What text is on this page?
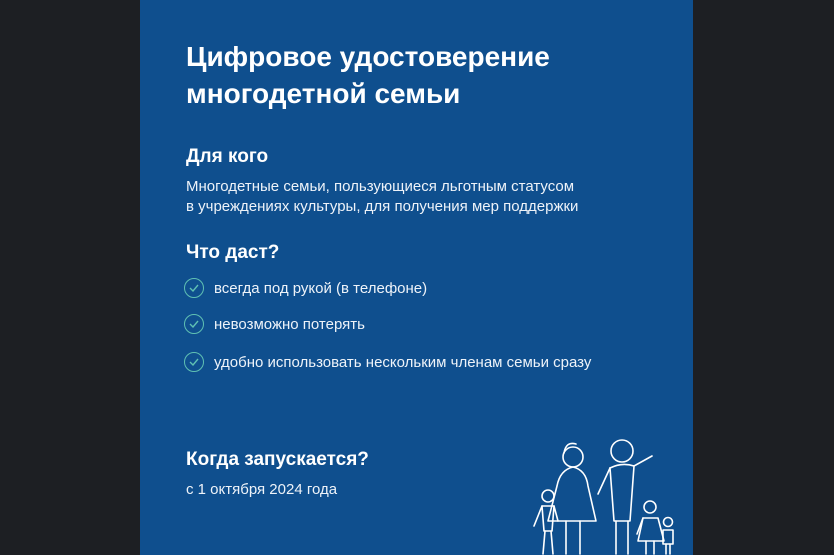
Цифровое удостоверение
многодетной семьи
Для кого

Многодетные семьи, пользующиеся льготным статусом
в учреждениях культуры, для получения мер поддержки

Что даст?
всегда под рукой (в телефоне)
невозможно потерять
удобно использовать нескольким членам семьи сразу
Когда запускается?

с 1 октября 2024 года
